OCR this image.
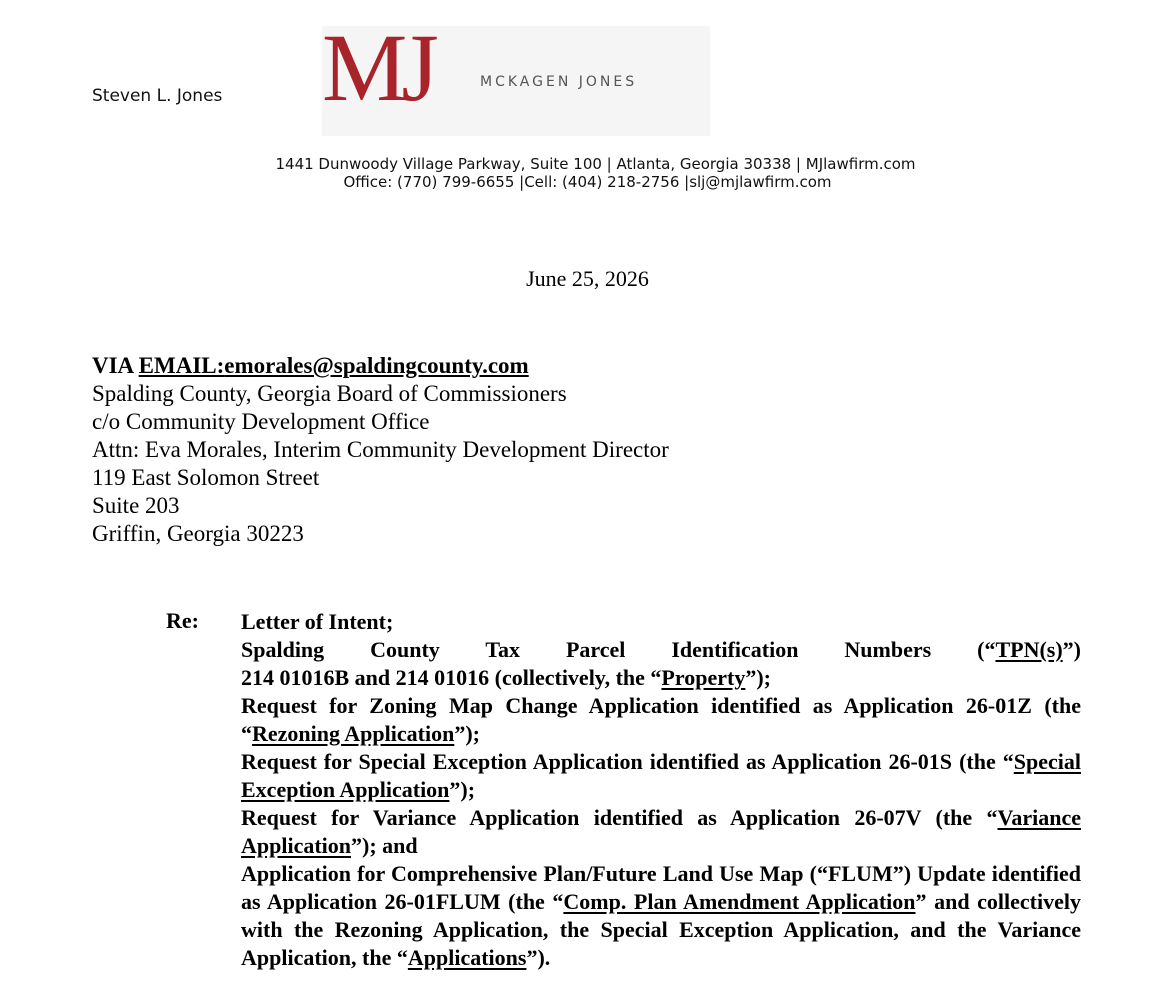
Steven L. Jones MJ	MCKAGEN JONES
1441 Dunwoody Village Parkway, Suite 100 | Atlanta, Georgia 30338 | MJlawfirm.com
Office: (770) 799-6655 |Cell: (404) 218-2756 |slj@mjlawfirm.com
June 25, 2026
VIA EMAIL:emorales@spaldingcounty.com
Spalding County, Georgia Board of Commissioners
c/o Community Development Office
Attn: Eva Morales, Interim Community Development Director
119 East Solomon Street
Suite 203
Griffin, Georgia 30223
Re: Letter of Intent;

Spalding County Tax Parcel Identification Numbers (“TPN(s)”)

214 01016B and 214 01016 (collectively, the “Property”);

Request for Zoning Map Change Application identified as Application 26-01Z (the “Rezoning Application”);

Request for Special Exception Application identified as Application 26-01S (the “Special Exception Application”);

Request for Variance Application identified as Application 26-07V (the “Variance Application”); and

Application for Comprehensive Plan/Future Land Use Map (“FLUM”) Update identified as Application 26-01FLUM (the “Comp. Plan Amendment Application” and collectively with the Rezoning Application, the Special Exception Application, and the Variance Application, the “Applications”).
